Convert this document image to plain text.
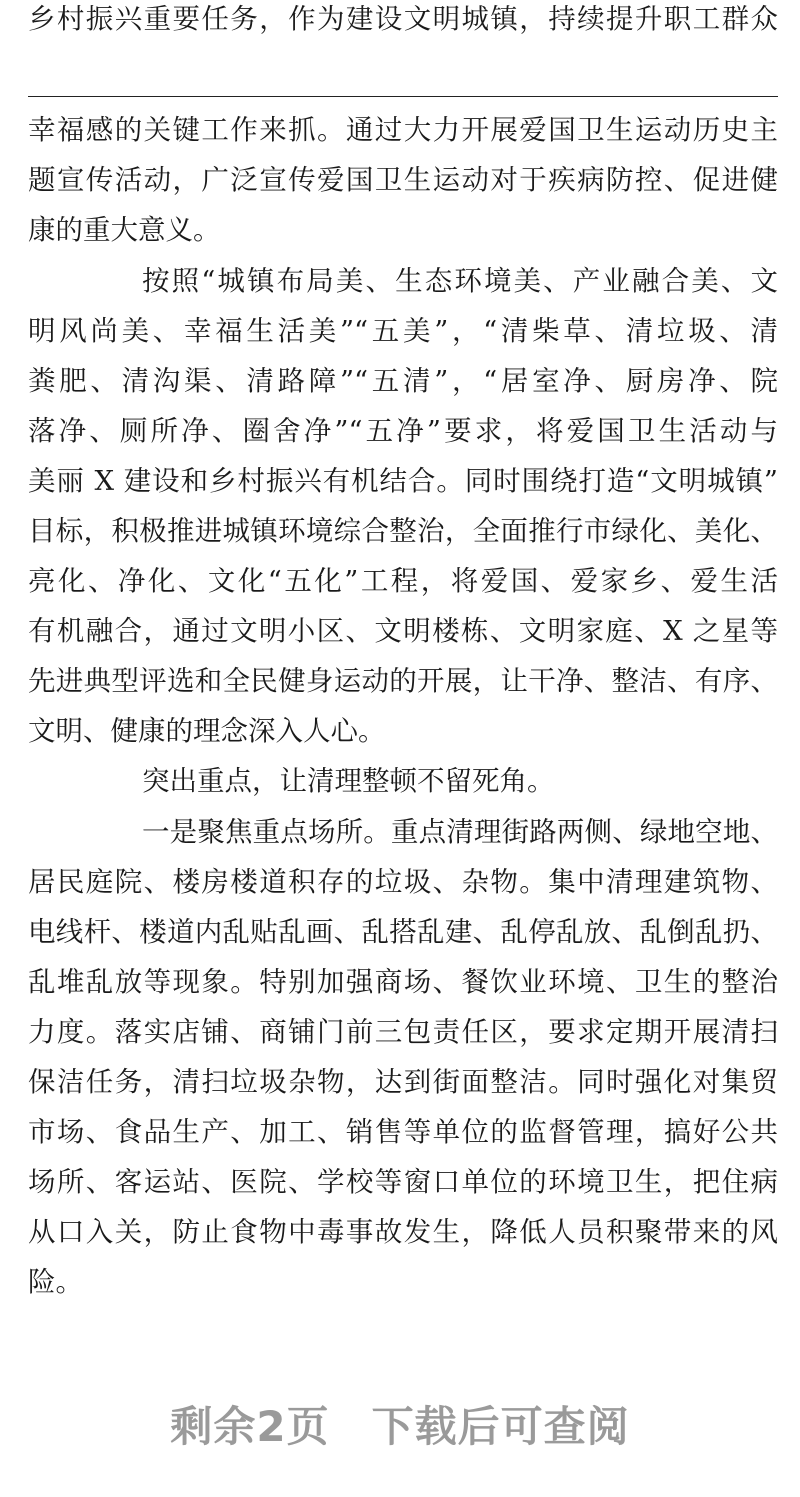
乡村振兴重要任务，作为建设文明城镇，持续提升职工群众
幸福感的关键工作来抓。通过大力开展爱国卫生运动历史主
题宣传活动，广泛宣传爱国卫生运动对于疾病防控、促进健
康的重大意义。
按照“城镇布局美、生态环境美、产业融合美、文
明风尚美、幸福生活美”“五美”，“清柴草、清垃圾、清
粪肥、清沟渠、清路障”“五清”，“居室净、厨房净、院
落净、厕所净、圈舍净”“五净”要求，将爱国卫生活动与
美丽 X 建设和乡村振兴有机结合。同时围绕打造“文明城镇”
目标，积极推进城镇环境综合整治，全面推行市绿化、美化、
亮化、净化、文化“五化”工程，将爱国、爱家乡、爱生活
有机融合，通过文明小区、文明楼栋、文明家庭、X 之星等
先进典型评选和全民健身运动的开展，让干净、整洁、有序、
文明、健康的理念深入人心。
突出重点，让清理整顿不留死角。
一是聚焦重点场所。重点清理街路两侧、绿地空地、
居民庭院、楼房楼道积存的垃圾、杂物。集中清理建筑物、
电线杆、楼道内乱贴乱画、乱搭乱建、乱停乱放、乱倒乱扔、
乱堆乱放等现象。特别加强商场、餐饮业环境、卫生的整治
力度。落实店铺、商铺门前三包责任区，要求定期开展清扫
保洁任务，清扫垃圾杂物，达到街面整洁。同时强化对集贸
市场、食品生产、加工、销售等单位的监督管理，搞好公共
场所、客运站、医院、学校等窗口单位的环境卫生，把住病
从口入关，防止食物中毒事故发生，降低人员积聚带来的风
险。
剩余2页 下载后可查阅
